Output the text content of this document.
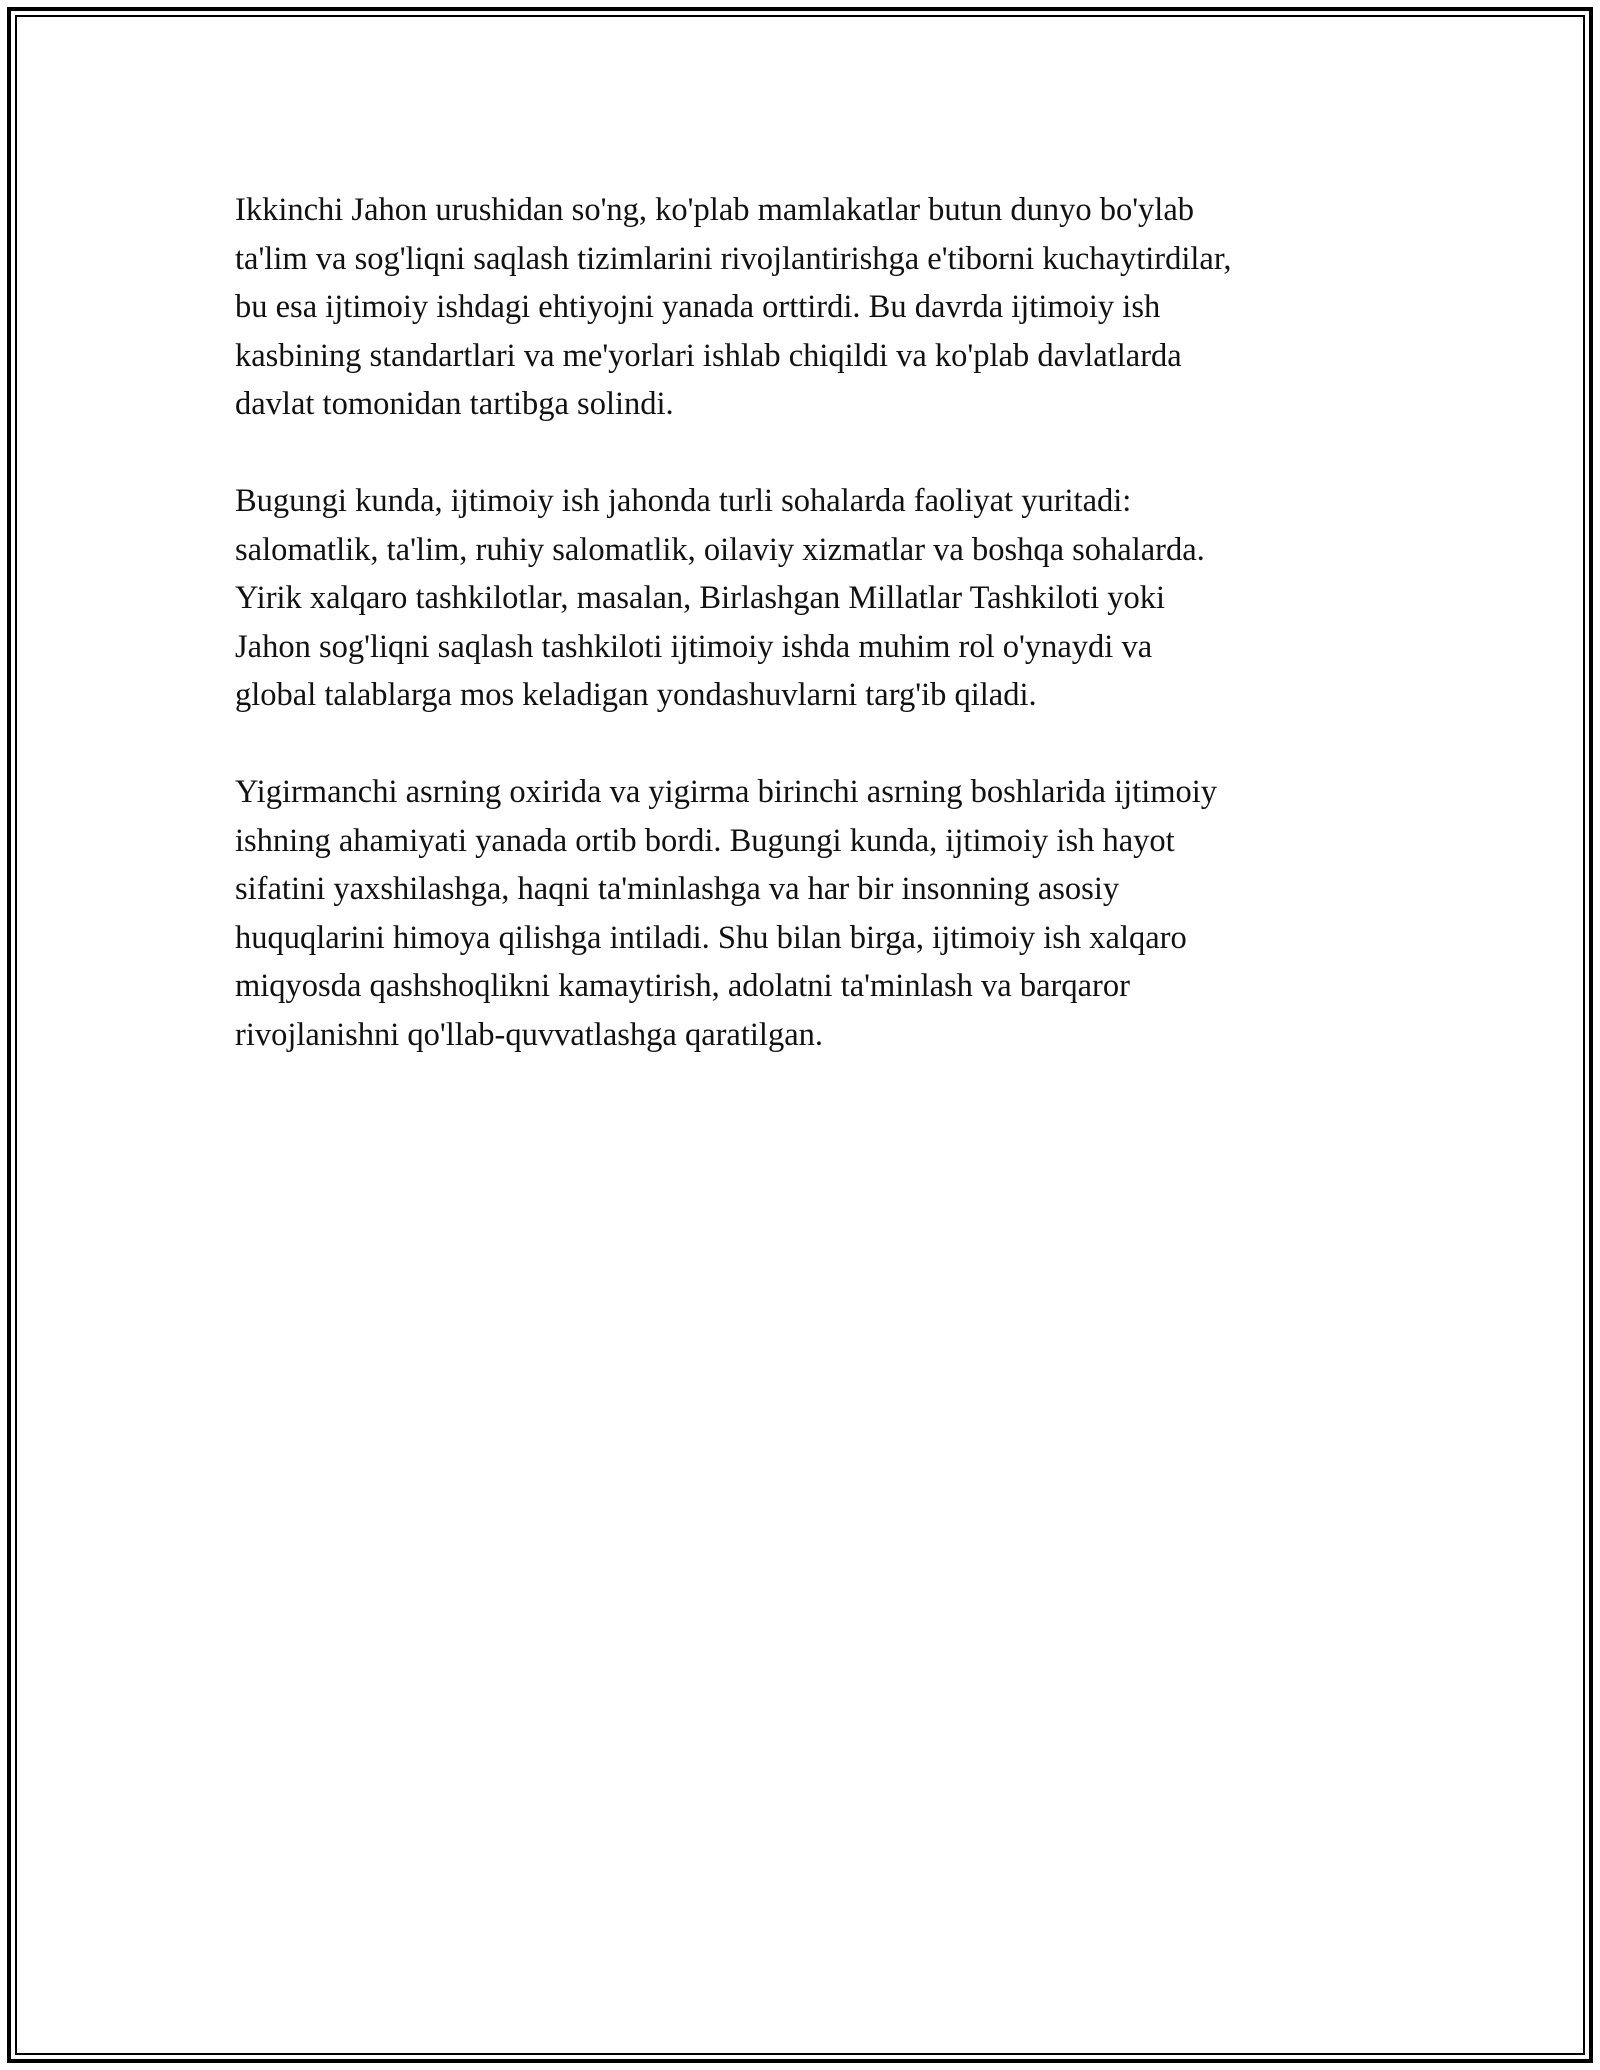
Ikkinchi Jahon urushidan so'ng, ko'plab mamlakatlar butun dunyo bo'ylab
ta'lim va sog'liqni saqlash tizimlarini rivojlantirishga e'tiborni kuchaytirdilar,
bu esa ijtimoiy ishdagi ehtiyojni yanada orttirdi. Bu davrda ijtimoiy ish
kasbining standartlari va me'yorlari ishlab chiqildi va ko'plab davlatlarda
davlat tomonidan tartibga solindi.

Bugungi kunda, ijtimoiy ish jahonda turli sohalarda faoliyat yuritadi:
salomatlik, ta'lim, ruhiy salomatlik, oilaviy xizmatlar va boshqa sohalarda.
Yirik xalqaro tashkilotlar, masalan, Birlashgan Millatlar Tashkiloti yoki
Jahon sog'liqni saqlash tashkiloti ijtimoiy ishda muhim rol o'ynaydi va
global talablarga mos keladigan yondashuvlarni targ'ib qiladi.

Yigirmanchi asrning oxirida va yigirma birinchi asrning boshlarida ijtimoiy
ishning ahamiyati yanada ortib bordi. Bugungi kunda, ijtimoiy ish hayot
sifatini yaxshilashga, haqni ta'minlashga va har bir insonning asosiy
huquqlarini himoya qilishga intiladi. Shu bilan birga, ijtimoiy ish xalqaro
miqyosda qashshoqlikni kamaytirish, adolatni ta'minlash va barqaror
rivojlanishni qo'llab-quvvatlashga qaratilgan.
